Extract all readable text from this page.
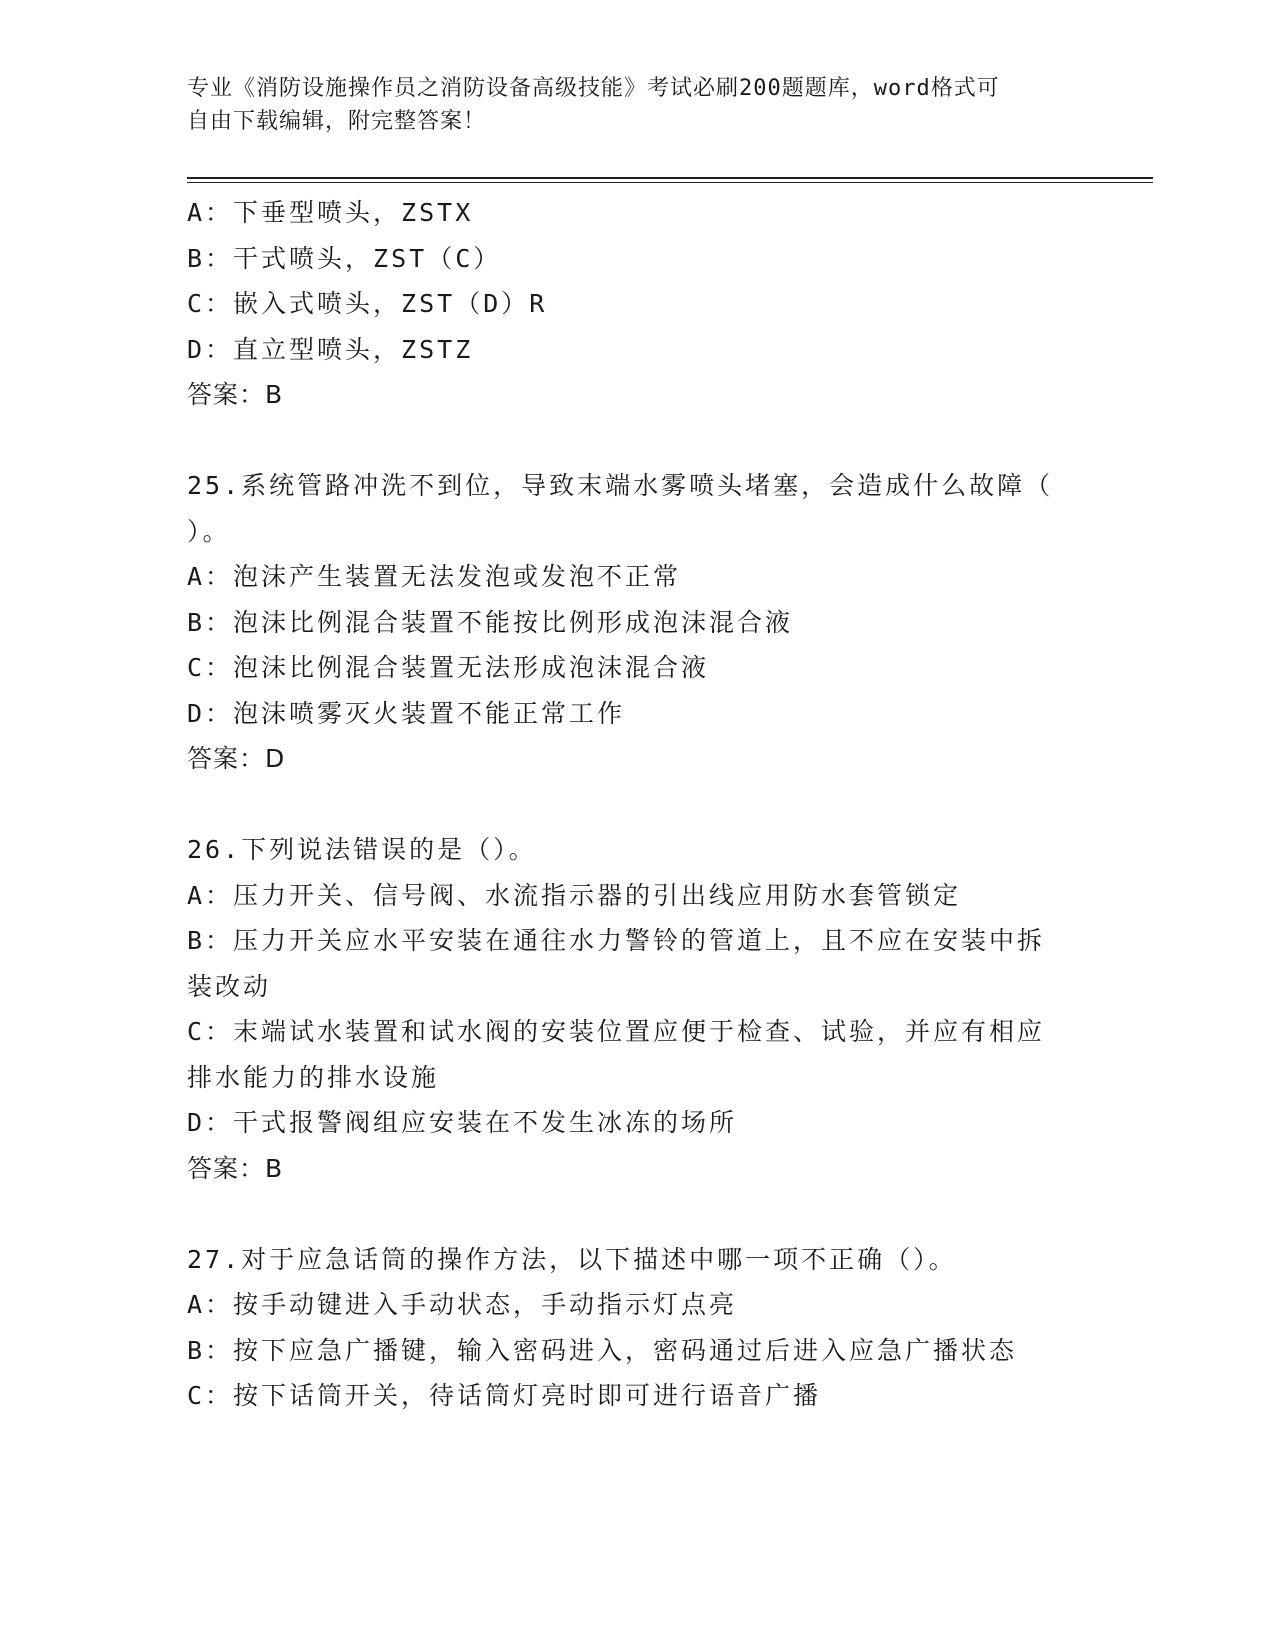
专业《消防设施操作员之消防设备高级技能》考试必刷200题题库，word格式可
自由下载编辑，附完整答案！
A：下垂型喷头，ZSTX
B：干式喷头，ZST（C）
C：嵌入式喷头，ZST（D）R
D：直立型喷头，ZSTZ
答案：B
25.系统管路冲洗不到位，导致末端水雾喷头堵塞，会造成什么故障（
）。
A：泡沫产生装置无法发泡或发泡不正常
B：泡沫比例混合装置不能按比例形成泡沫混合液
C：泡沫比例混合装置无法形成泡沫混合液
D：泡沫喷雾灭火装置不能正常工作
答案：D
26.下列说法错误的是（）。
A：压力开关、信号阀、水流指示器的引出线应用防水套管锁定
B：压力开关应水平安装在通往水力警铃的管道上，且不应在安装中拆
装改动
C：末端试水装置和试水阀的安装位置应便于检查、试验，并应有相应
排水能力的排水设施
D：干式报警阀组应安装在不发生冰冻的场所
答案：B
27.对于应急话筒的操作方法，以下描述中哪一项不正确（）。
A：按手动键进入手动状态，手动指示灯点亮
B：按下应急广播键，输入密码进入，密码通过后进入应急广播状态
C：按下话筒开关，待话筒灯亮时即可进行语音广播
